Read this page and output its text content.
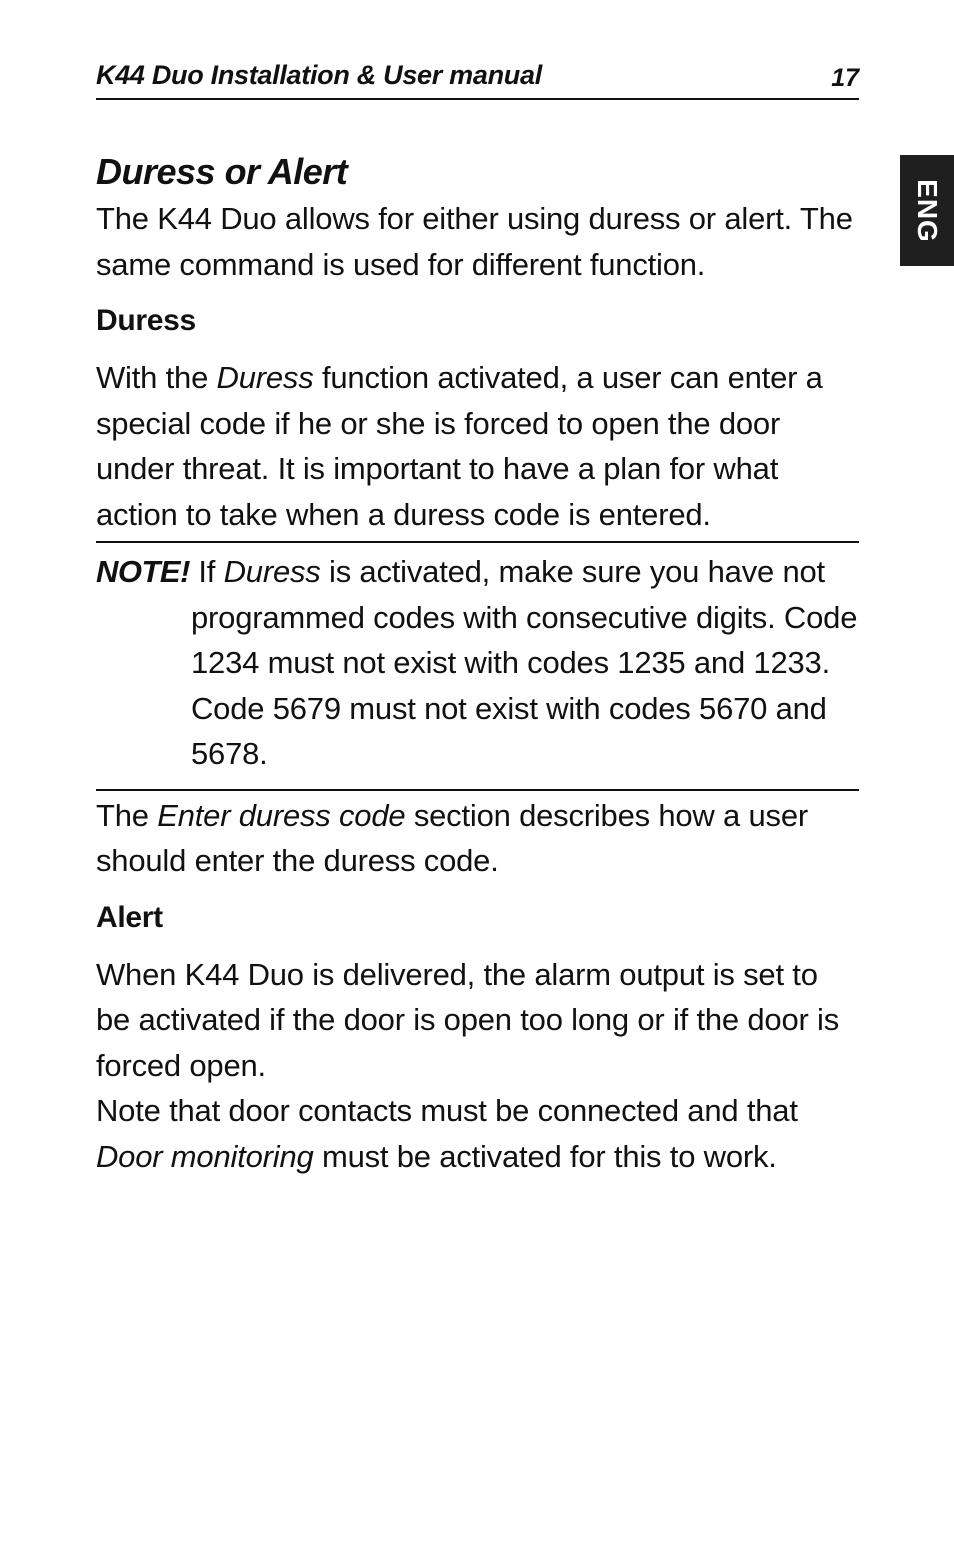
K44 Duo Installation & User manual	17
ENG
Duress or Alert

The K44 Duo allows for either using duress or alert. The same command is used for different function.

Duress

With the Duress function activated, a user can enter a special code if he or she is forced to open the door under threat. It is important to have a plan for what action to take when a duress code is entered.

NOTE! If Duress is activated, make sure you have not
programmed codes with consecutive digits. Code 1234 must not exist with codes 1235 and 1233. Code 5679 must not exist with codes 5670 and 5678.

The Enter duress code section describes how a user should enter the duress code.

Alert

When K44 Duo is delivered, the alarm output is set to be activated if the door is open too long or if the door is forced open.

Note that door contacts must be connected and that Door monitoring must be activated for this to work.
